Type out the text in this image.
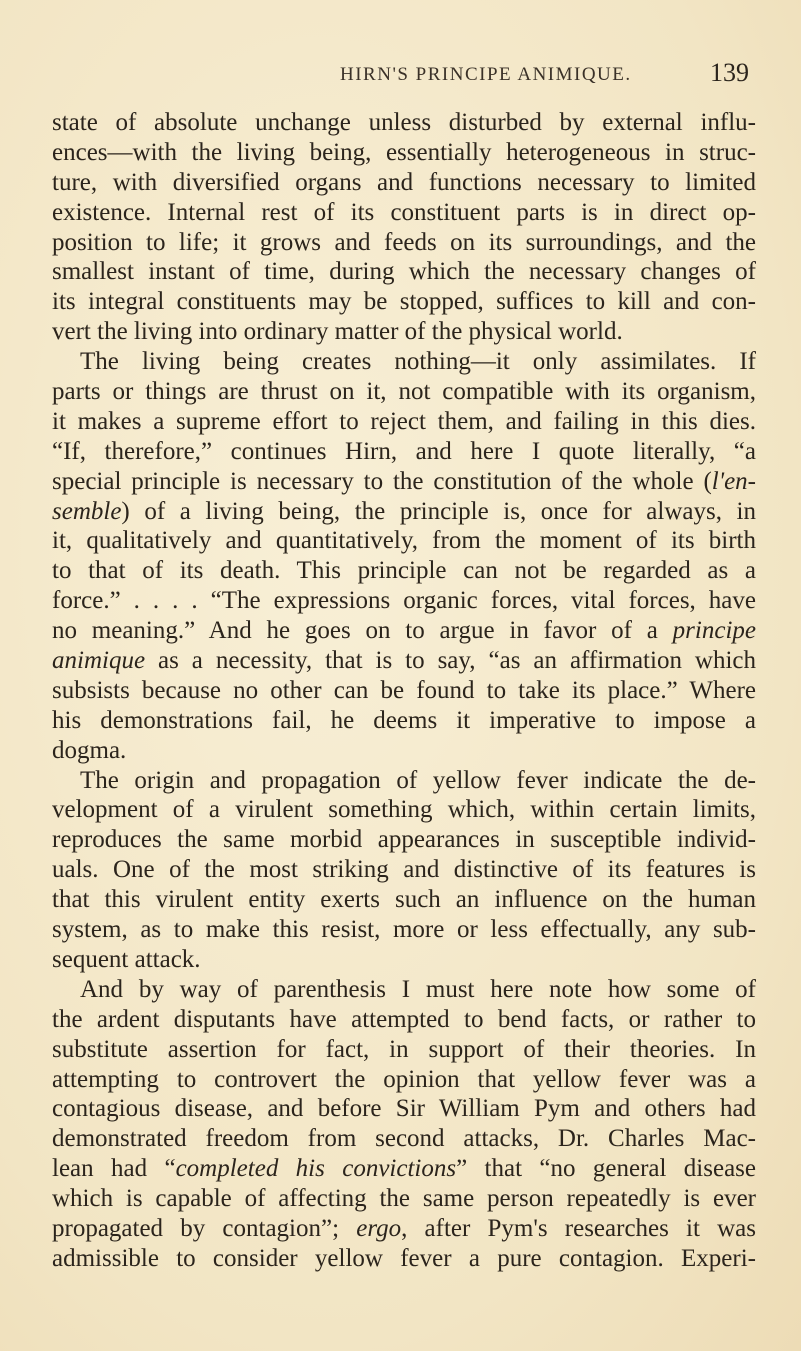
HIRN'S PRINCIPE ANIMIQUE.	139
state of absolute unchange unless disturbed by external influ-
ences—with the living being, essentially heterogeneous in struc-
ture, with diversified organs and functions necessary to limited
existence. Internal rest of its constituent parts is in direct op-
position to life; it grows and feeds on its surroundings, and the
smallest instant of time, during which the necessary changes of
its integral constituents may be stopped, suffices to kill and con-
vert the living into ordinary matter of the physical world.
The living being creates nothing—it only assimilates. If
parts or things are thrust on it, not compatible with its organism,
it makes a supreme effort to reject them, and failing in this dies.
“If, therefore,” continues Hirn, and here I quote literally, “a
special principle is necessary to the constitution of the whole (l'en-
semble) of a living being, the principle is, once for always, in
it, qualitatively and quantitatively, from the moment of its birth
to that of its death. This principle can not be regarded as a
force.” . . . . “The expressions organic forces, vital forces, have
no meaning.” And he goes on to argue in favor of a principe
animique as a necessity, that is to say, “as an affirmation which
subsists because no other can be found to take its place.” Where
his demonstrations fail, he deems it imperative to impose a
dogma.
The origin and propagation of yellow fever indicate the de-
velopment of a virulent something which, within certain limits,
reproduces the same morbid appearances in susceptible individ-
uals. One of the most striking and distinctive of its features is
that this virulent entity exerts such an influence on the human
system, as to make this resist, more or less effectually, any sub-
sequent attack.
And by way of parenthesis I must here note how some of
the ardent disputants have attempted to bend facts, or rather to
substitute assertion for fact, in support of their theories. In
attempting to controvert the opinion that yellow fever was a
contagious disease, and before Sir William Pym and others had
demonstrated freedom from second attacks, Dr. Charles Mac-
lean had “completed his convictions” that “no general disease
which is capable of affecting the same person repeatedly is ever
propagated by contagion”; ergo, after Pym's researches it was
admissible to consider yellow fever a pure contagion. Experi-
